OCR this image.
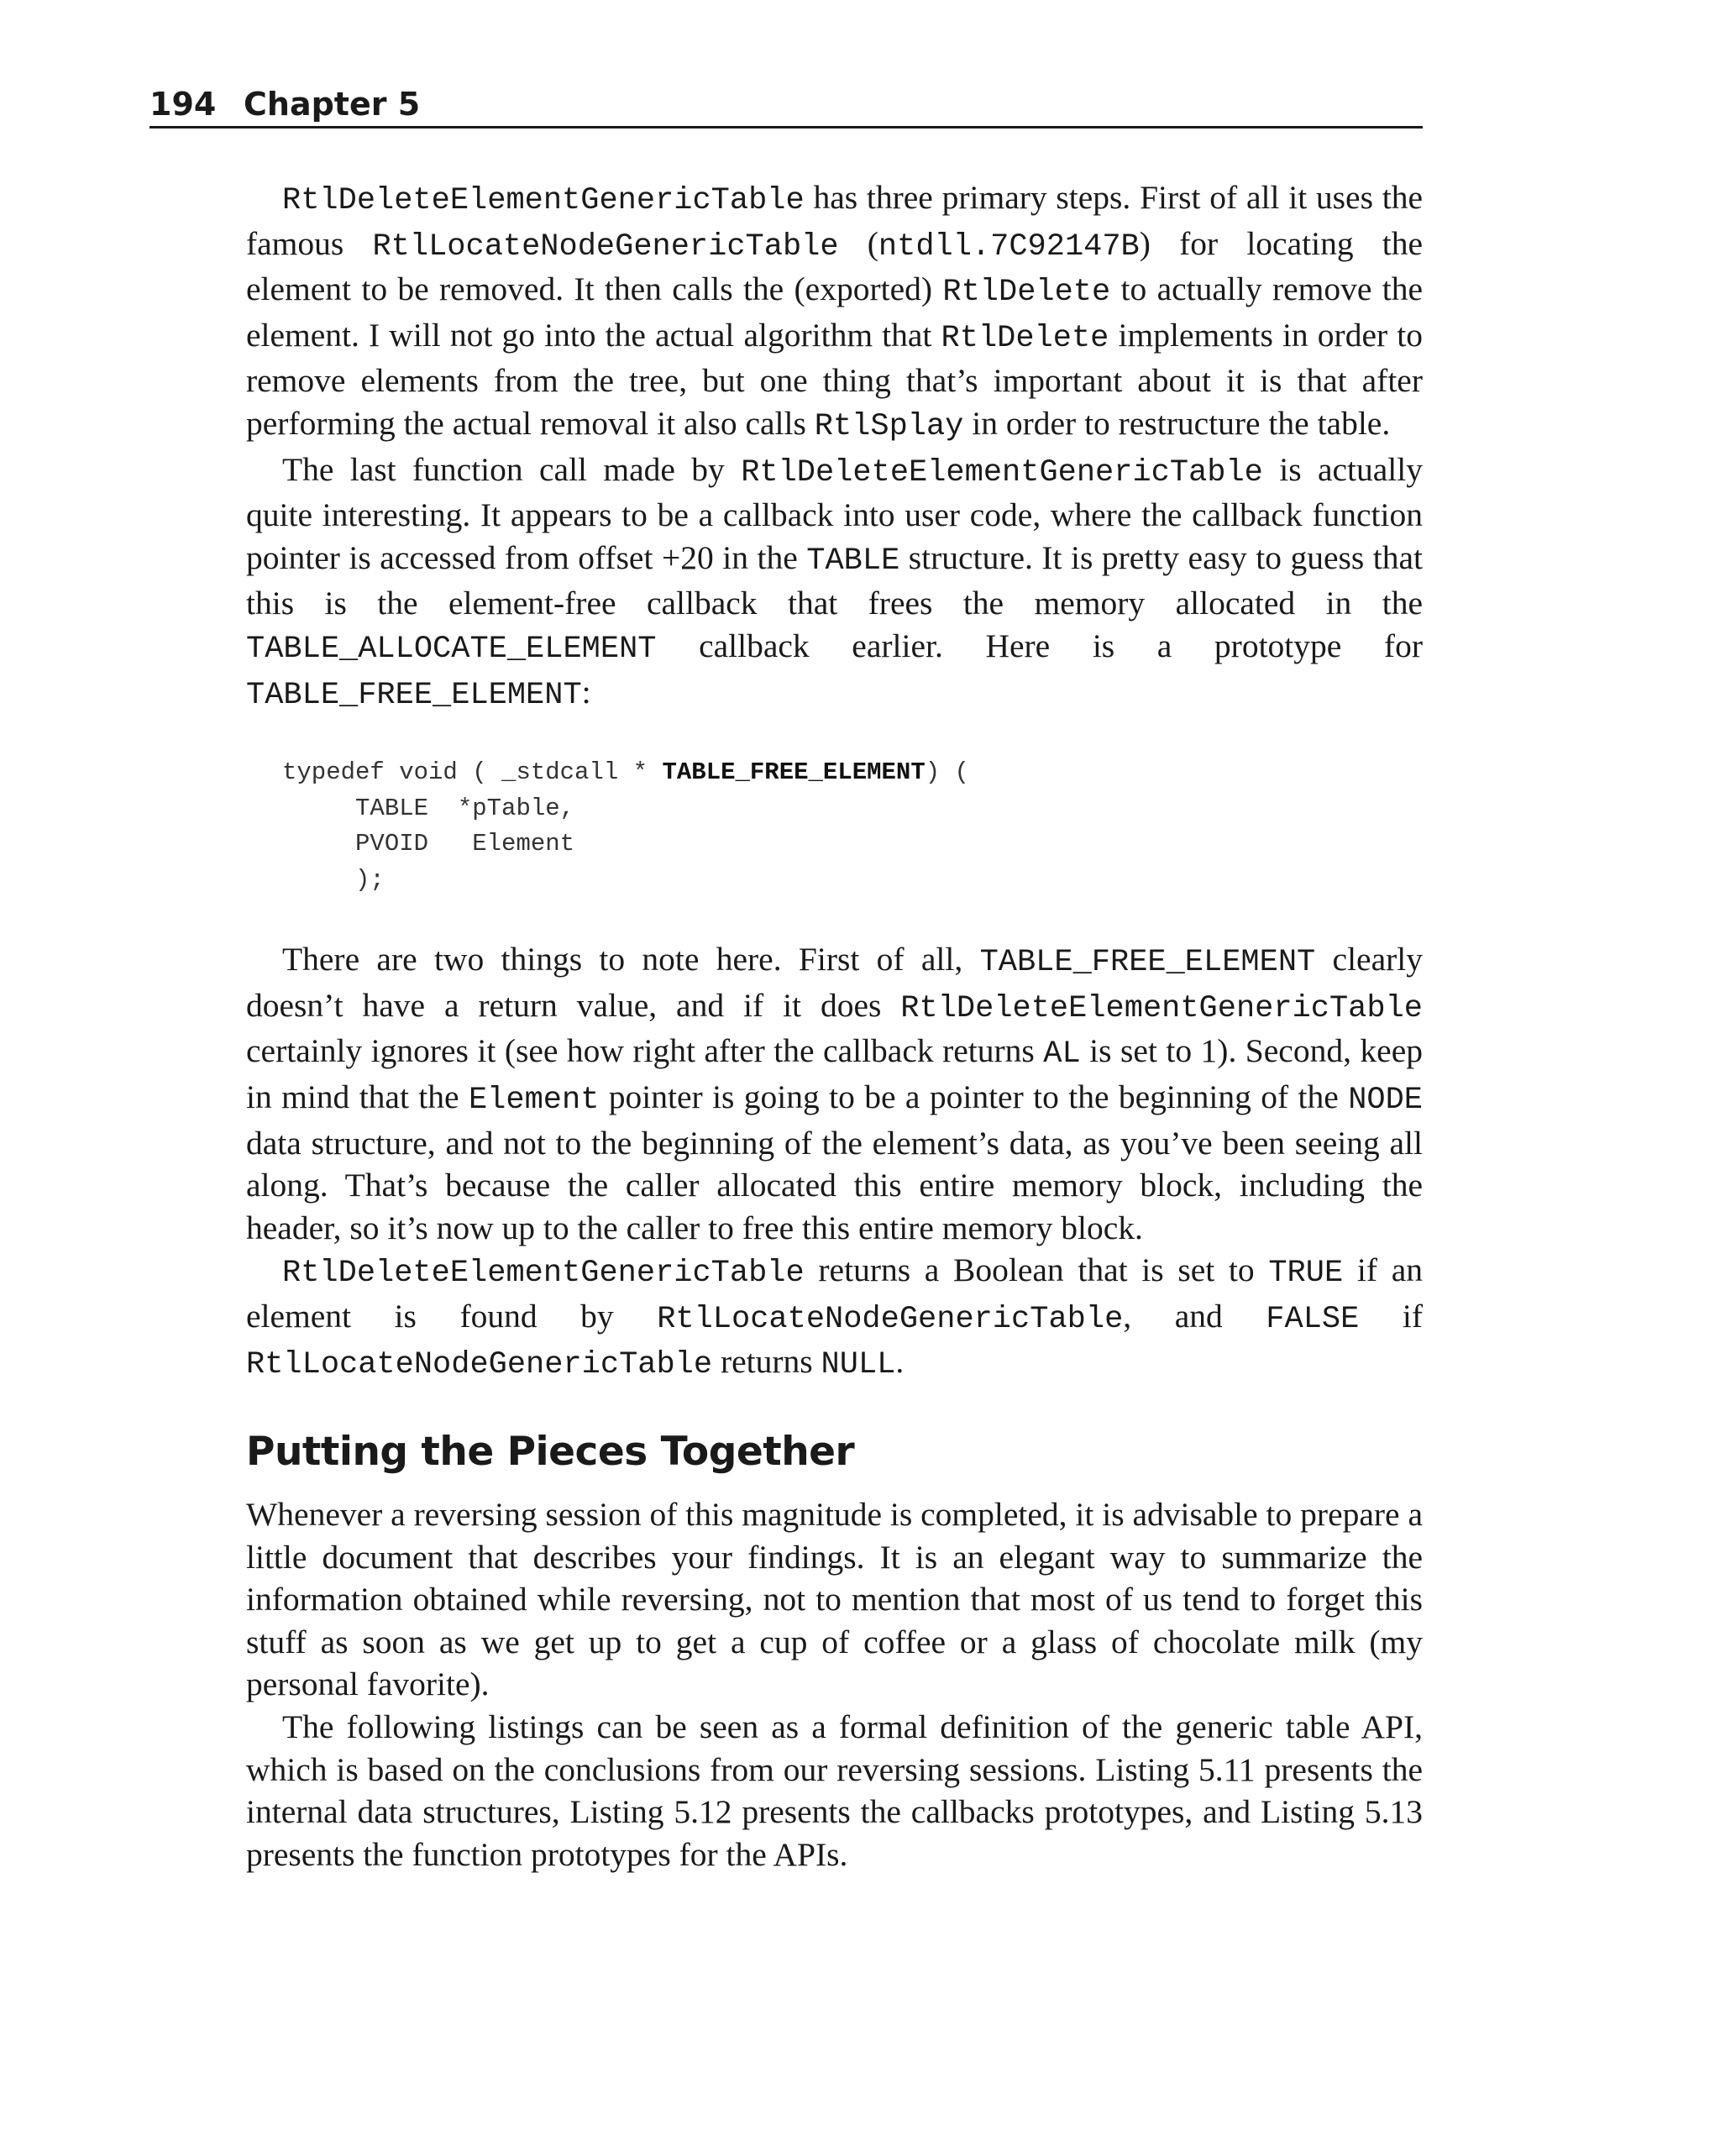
194 Chapter 5

RtlDeleteElementGenericTable has three primary steps. First of all it uses the famous RtlLocateNodeGenericTable (ntdll.7C92147B) for locating the element to be removed. It then calls the (exported) RtlDelete to actually remove the element. I will not go into the actual algorithm that RtlDelete implements in order to remove elements from the tree, but one thing that’s important about it is that after performing the actual removal it also calls RtlSplay in order to restructure the table.

The last function call made by RtlDeleteElementGenericTable is actually quite interesting. It appears to be a callback into user code, where the callback function pointer is accessed from offset +20 in the TABLE structure. It is pretty easy to guess that this is the element-free callback that frees the memory allocated in the TABLE_ALLOCATE_ELEMENT callback earlier. Here is a prototype for TABLE_FREE_ELEMENT:

typedef void ( _stdcall * TABLE_FREE_ELEMENT) (
TABLE  *pTable,
PVOID   Element
);

There are two things to note here. First of all, TABLE_FREE_ELEMENT clearly doesn’t have a return value, and if it does RtlDeleteElementGenericTable certainly ignores it (see how right after the callback returns AL is set to 1). Second, keep in mind that the Element pointer is going to be a pointer to the beginning of the NODE data structure, and not to the beginning of the element’s data, as you’ve been seeing all along. That’s because the caller allocated this entire memory block, including the header, so it’s now up to the caller to free this entire memory block.

RtlDeleteElementGenericTable returns a Boolean that is set to TRUE if an element is found by RtlLocateNodeGenericTable, and FALSE if RtlLocateNodeGenericTable returns NULL.

Putting the Pieces Together

Whenever a reversing session of this magnitude is completed, it is advisable to prepare a little document that describes your findings. It is an elegant way to summarize the information obtained while reversing, not to mention that most of us tend to forget this stuff as soon as we get up to get a cup of coffee or a glass of chocolate milk (my personal favorite).

The following listings can be seen as a formal definition of the generic table API, which is based on the conclusions from our reversing sessions. Listing 5.11 presents the internal data structures, Listing 5.12 presents the callbacks prototypes, and Listing 5.13 presents the function prototypes for the APIs.
